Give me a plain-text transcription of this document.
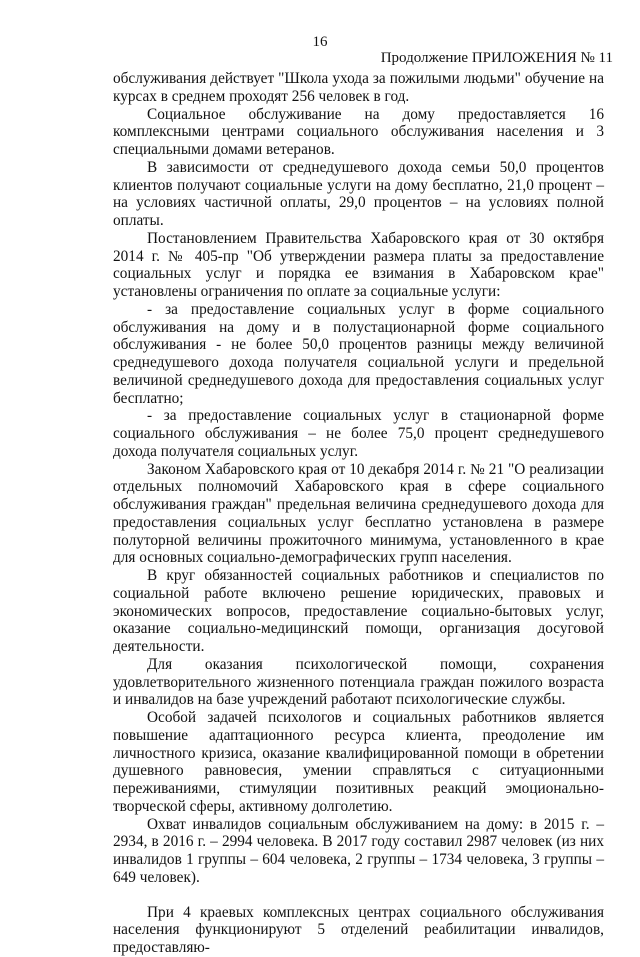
16
Продолжение ПРИЛОЖЕНИЯ № 11

обслуживания действует "Школа ухода за пожилыми людьми" обучение на курсах в среднем проходят 256 человек в год.

Социальное обслуживание на дому предоставляется 16 комплексными центрами социального обслуживания населения и 3 специальными домами ветеранов.

В зависимости от среднедушевого дохода семьи 50,0 процентов клиентов получают социальные услуги на дому бесплатно, 21,0 процент – на условиях частичной оплаты, 29,0 процентов – на условиях полной оплаты.

Постановлением Правительства Хабаровского края от 30 октября 2014 г. № 405-пр "Об утверждении размера платы за предоставление социальных услуг и порядка ее взимания в Хабаровском крае" установлены ограничения по оплате за социальные услуги:

- за предоставление социальных услуг в форме социального обслуживания на дому и в полустационарной форме социального обслуживания - не более 50,0 процентов разницы между величиной среднедушевого дохода получателя социальной услуги и предельной величиной среднедушевого дохода для предоставления социальных услуг бесплатно;

- за предоставление социальных услуг в стационарной форме социального обслуживания – не более 75,0 процент среднедушевого дохода получателя социальных услуг.

Законом Хабаровского края от 10 декабря 2014 г. № 21 "О реализации отдельных полномочий Хабаровского края в сфере социального обслуживания граждан" предельная величина среднедушевого дохода для предоставления социальных услуг бесплатно установлена в размере полуторной величины прожиточного минимума, установленного в крае для основных социально-демографических групп населения.

В круг обязанностей социальных работников и специалистов по социальной работе включено решение юридических, правовых и экономических вопросов, предоставление социально-бытовых услуг, оказание социально-медицинский помощи, организация досуговой деятельности.

Для оказания психологической помощи, сохранения удовлетворительного жизненного потенциала граждан пожилого возраста и инвалидов на базе учреждений работают психологические службы.

Особой задачей психологов и социальных работников является повышение адаптационного ресурса клиента, преодоление им личностного кризиса, оказание квалифицированной помощи в обретении душевного равновесия, умении справляться с ситуационными переживаниями, стимуляции позитивных реакций эмоционально-творческой сферы, активному долголетию.

Охват инвалидов социальным обслуживанием на дому: в 2015 г. – 2934, в 2016 г. – 2994 человека. В 2017 году составил 2987 человек (из них инвалидов 1 группы – 604 человека, 2 группы – 1734 человека, 3 группы – 649 человек).

При 4 краевых комплексных центрах социального обслуживания населения функционируют 5 отделений реабилитации инвалидов, предоставляю-
